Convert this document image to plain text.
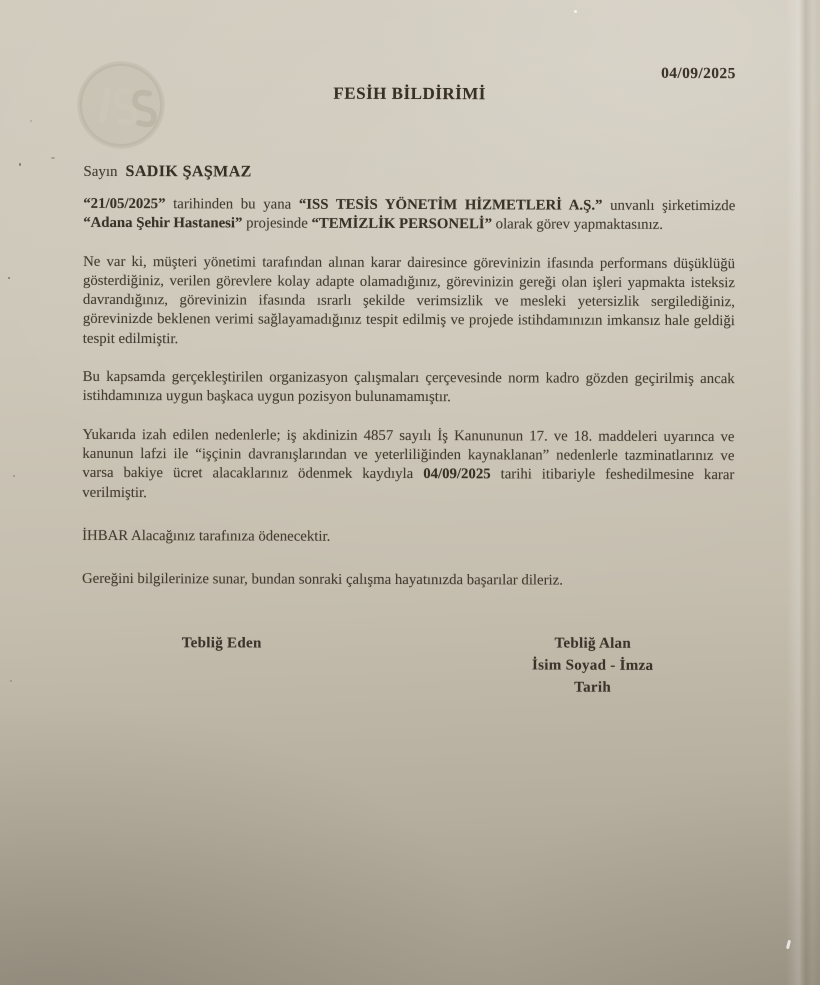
04/09/2025
FESİH BİLDİRİMİ
Sayın SADIK ŞAŞMAZ

“21/05/2025” tarihinden bu yana “ISS TESİS YÖNETİM HİZMETLERİ A.Ş.” unvanlı şirketimizde “Adana Şehir Hastanesi” projesinde “TEMİZLİK PERSONELİ” olarak görev yapmaktasınız.

Ne var ki, müşteri yönetimi tarafından alınan karar dairesince görevinizin ifasında performans düşüklüğü gösterdiğiniz, verilen görevlere kolay adapte olamadığınız, görevinizin gereği olan işleri yapmakta isteksiz davrandığınız, görevinizin ifasında ısrarlı şekilde verimsizlik ve mesleki yetersizlik sergilediğiniz, görevinizde beklenen verimi sağlayamadığınız tespit edilmiş ve projede istihdamınızın imkansız hale geldiği tespit edilmiştir.

Bu kapsamda gerçekleştirilen organizasyon çalışmaları çerçevesinde norm kadro gözden geçirilmiş ancak istihdamınıza uygun başkaca uygun pozisyon bulunamamıştır.

Yukarıda izah edilen nedenlerle; iş akdinizin 4857 sayılı İş Kanununun 17. ve 18. maddeleri uyarınca ve kanunun lafzi ile “işçinin davranışlarından ve yeterliliğinden kaynaklanan” nedenlerle tazminatlarınız ve varsa bakiye ücret alacaklarınız ödenmek kaydıyla 04/09/2025 tarihi itibariyle feshedilmesine karar verilmiştir.

İHBAR Alacağınız tarafınıza ödenecektir.

Gereğini bilgilerinize sunar, bundan sonraki çalışma hayatınızda başarılar dileriz.

Tebliğ Eden	Tebliğ Alan
İsim Soyad - İmza
Tarih
